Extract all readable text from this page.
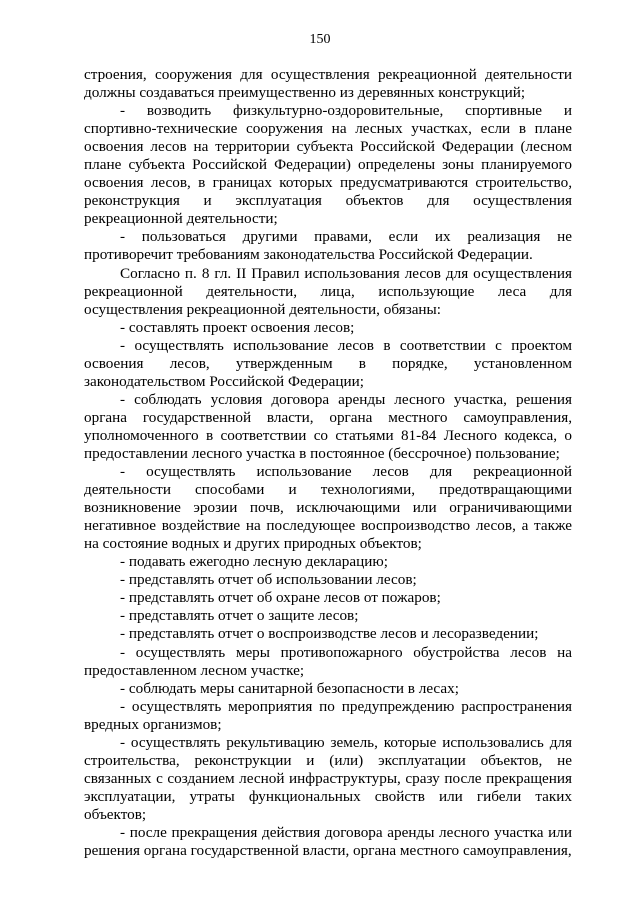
150

строения, сооружения для осуществления рекреационной деятельности должны создаваться преимущественно из деревянных конструкций;

- возводить физкультурно-оздоровительные, спортивные и спортивно-технические сооружения на лесных участках, если в плане освоения лесов на территории субъекта Российской Федерации (лесном плане субъекта Российской Федерации) определены зоны планируемого освоения лесов, в границах которых предусматриваются строительство, реконструкция и эксплуатация объектов для осуществления рекреационной деятельности;

- пользоваться другими правами, если их реализация не противоречит требованиям законодательства Российской Федерации.

Согласно п. 8 гл. II Правил использования лесов для осуществления рекреационной деятельности, лица, использующие леса для осуществления рекреационной деятельности, обязаны:

- составлять проект освоения лесов;

- осуществлять использование лесов в соответствии с проектом освоения лесов, утвержденным в порядке, установленном законодательством Российской Федерации;

- соблюдать условия договора аренды лесного участка, решения органа государственной власти, органа местного самоуправления, уполномоченного в соответствии со статьями 81-84 Лесного кодекса, о предоставлении лесного участка в постоянное (бессрочное) пользование;

- осуществлять использование лесов для рекреационной деятельности способами и технологиями, предотвращающими возникновение эрозии почв, исключающими или ограничивающими негативное воздействие на последующее воспроизводство лесов, а также на состояние водных и других природных объектов;

- подавать ежегодно лесную декларацию;

- представлять отчет об использовании лесов;

- представлять отчет об охране лесов от пожаров;

- представлять отчет о защите лесов;

- представлять отчет о воспроизводстве лесов и лесоразведении;

- осуществлять меры противопожарного обустройства лесов на предоставленном лесном участке;

- соблюдать меры санитарной безопасности в лесах;

- осуществлять мероприятия по предупреждению распространения вредных организмов;

- осуществлять рекультивацию земель, которые использовались для строительства, реконструкции и (или) эксплуатации объектов, не связанных с созданием лесной инфраструктуры, сразу после прекращения эксплуатации, утраты функциональных свойств или гибели таких объектов;

- после прекращения действия договора аренды лесного участка или решения органа государственной власти, органа местного самоуправления,
